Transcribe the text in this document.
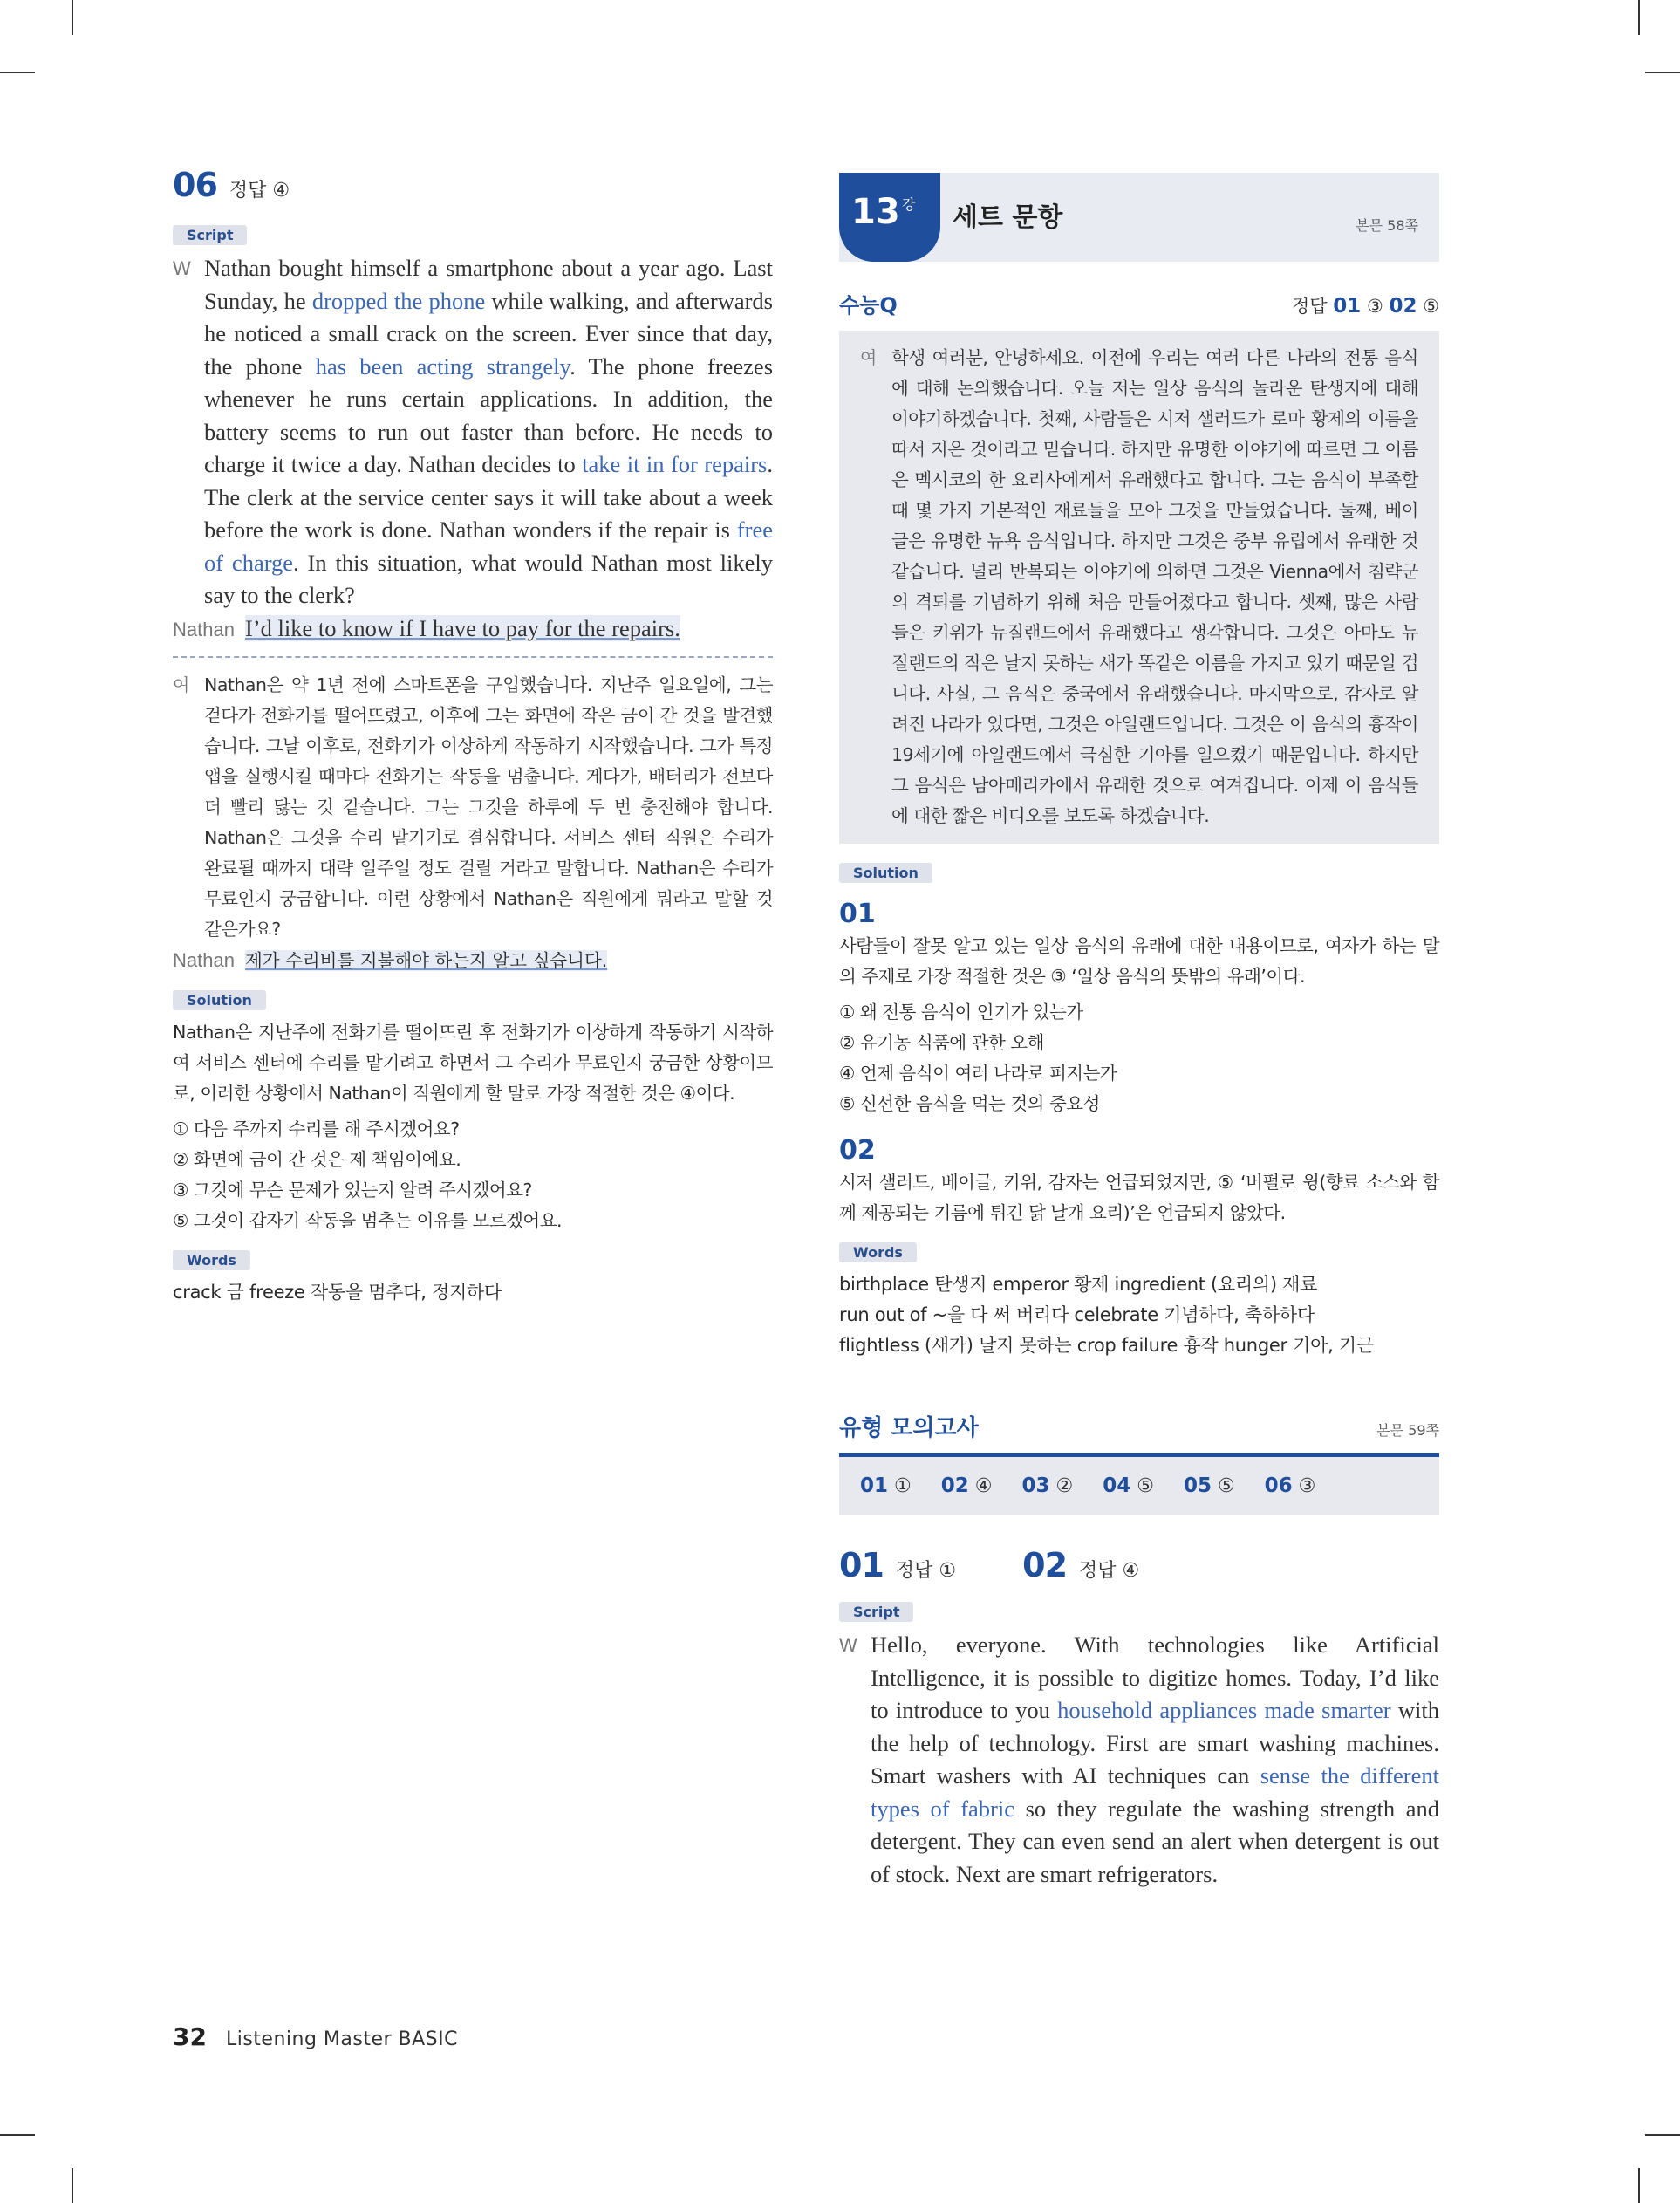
06 정답 ④
Script
W Nathan bought himself a smartphone about a year ago. Last Sunday, he dropped the phone while walking, and afterwards he noticed a small crack on the screen. Ever since that day, the phone has been acting strangely. The phone freezes whenever he runs certain applications. In addition, the battery seems to run out faster than before. He needs to charge it twice a day. Nathan decides to take it in for repairs. The clerk at the service center says it will take about a week before the work is done. Nathan wonders if the repair is free of charge. In this situation, what would Nathan most likely say to the clerk?
Nathan I’d like to know if I have to pay for the repairs.
여 Nathan은 약 1년 전에 스마트폰을 구입했습니다. 지난주 일요일에, 그는 걷다가 전화기를 떨어뜨렸고, 이후에 그는 화면에 작은 금이 간 것을 발견했습니다. 그날 이후로, 전화기가 이상하게 작동하기 시작했습니다. 그가 특정 앱을 실행시킬 때마다 전화기는 작동을 멈춥니다. 게다가, 배터리가 전보다 더 빨리 닳는 것 같습니다. 그는 그것을 하루에 두 번 충전해야 합니다. Nathan은 그것을 수리 맡기기로 결심합니다. 서비스 센터 직원은 수리가 완료될 때까지 대략 일주일 정도 걸릴 거라고 말합니다. Nathan은 수리가 무료인지 궁금합니다. 이런 상황에서 Nathan은 직원에게 뭐라고 말할 것 같은가요?
Nathan 제가 수리비를 지불해야 하는지 알고 싶습니다.
Solution
Nathan은 지난주에 전화기를 떨어뜨린 후 전화기가 이상하게 작동하기 시작하여 서비스 센터에 수리를 맡기려고 하면서 그 수리가 무료인지 궁금한 상황이므로, 이러한 상황에서 Nathan이 직원에게 할 말로 가장 적절한 것은 ④이다.
① 다음 주까지 수리를 해 주시겠어요?
② 화면에 금이 간 것은 제 책임이에요.
③ 그것에 무슨 문제가 있는지 알려 주시겠어요?
⑤ 그것이 갑자기 작동을 멈추는 이유를 모르겠어요.
Words
crack 금 freeze 작동을 멈추다, 정지하다
13 강 세트 문항	본문 58쪽
수능Q	정답 01 ③ 02 ⑤
여 학생 여러분, 안녕하세요. 이전에 우리는 여러 다른 나라의 전통 음식에 대해 논의했습니다. 오늘 저는 일상 음식의 놀라운 탄생지에 대해 이야기하겠습니다. 첫째, 사람들은 시저 샐러드가 로마 황제의 이름을 따서 지은 것이라고 믿습니다. 하지만 유명한 이야기에 따르면 그 이름은 멕시코의 한 요리사에게서 유래했다고 합니다. 그는 음식이 부족할 때 몇 가지 기본적인 재료들을 모아 그것을 만들었습니다. 둘째, 베이글은 유명한 뉴욕 음식입니다. 하지만 그것은 중부 유럽에서 유래한 것 같습니다. 널리 반복되는 이야기에 의하면 그것은 Vienna에서 침략군의 격퇴를 기념하기 위해 처음 만들어졌다고 합니다. 셋째, 많은 사람들은 키위가 뉴질랜드에서 유래했다고 생각합니다. 그것은 아마도 뉴질랜드의 작은 날지 못하는 새가 똑같은 이름을 가지고 있기 때문일 겁니다. 사실, 그 음식은 중국에서 유래했습니다. 마지막으로, 감자로 알려진 나라가 있다면, 그것은 아일랜드입니다. 그것은 이 음식의 흉작이 19세기에 아일랜드에서 극심한 기아를 일으켰기 때문입니다. 하지만 그 음식은 남아메리카에서 유래한 것으로 여겨집니다. 이제 이 음식들에 대한 짧은 비디오를 보도록 하겠습니다.
Solution
01
사람들이 잘못 알고 있는 일상 음식의 유래에 대한 내용이므로, 여자가 하는 말의 주제로 가장 적절한 것은 ③ ‘일상 음식의 뜻밖의 유래’이다.
① 왜 전통 음식이 인기가 있는가
② 유기농 식품에 관한 오해
④ 언제 음식이 여러 나라로 퍼지는가
⑤ 신선한 음식을 먹는 것의 중요성
02
시저 샐러드, 베이글, 키위, 감자는 언급되었지만, ⑤ ‘버펄로 윙(향료 소스와 함께 제공되는 기름에 튀긴 닭 날개 요리)’은 언급되지 않았다.
Words
birthplace 탄생지 emperor 황제 ingredient (요리의) 재료
run out of ~을 다 써 버리다 celebrate 기념하다, 축하하다
flightless (새가) 날지 못하는 crop failure 흉작 hunger 기아, 기근
유형 모의고사	본문 59쪽
01 ① 02 ④ 03 ② 04 ⑤ 05 ⑤ 06 ③
01 정답 ① 02 정답 ④
Script
W Hello, everyone. With technologies like Artificial Intelligence, it is possible to digitize homes. Today, I’d like to introduce to you household appliances made smarter with the help of technology. First are smart washing machines. Smart washers with AI techniques can sense the different types of fabric so they regulate the washing strength and detergent. They can even send an alert when detergent is out of stock. Next are smart refrigerators.
32 Listening Master BASIC
